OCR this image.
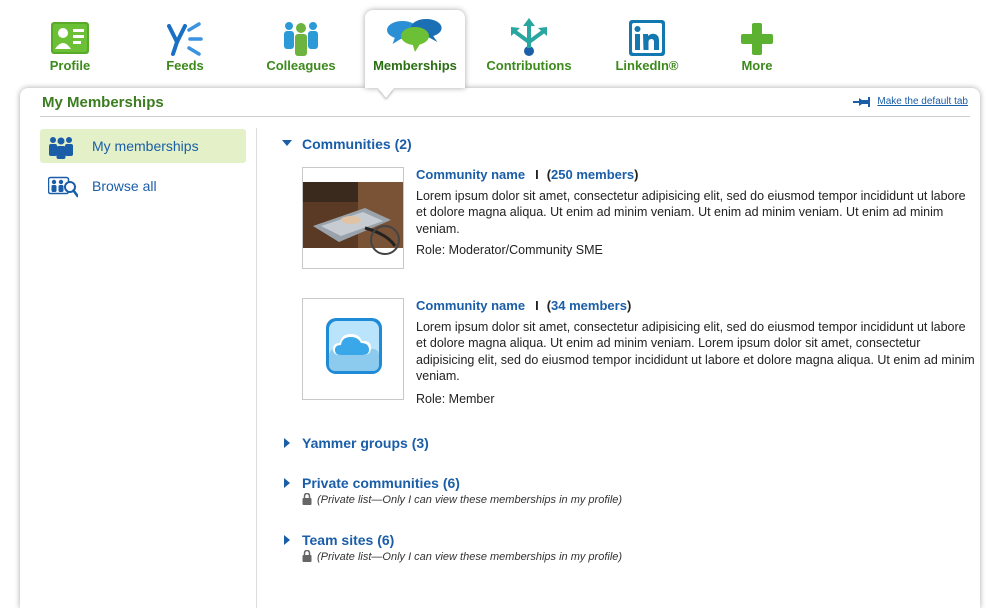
Profile	Feeds	Colleagues	Memberships	Contributions	LinkedIn®	More
My Memberships	Make the default tab
My memberships
Browse all
Communities (2)
Community name I (250 members)
Lorem ipsum dolor sit amet, consectetur adipisicing elit, sed do eiusmod tempor incididunt ut labore et dolore magna aliqua. Ut enim ad minim veniam. Ut enim ad minim veniam. Ut enim ad minim veniam.
Role: Moderator/Community SME
Community name I (34 members)
Lorem ipsum dolor sit amet, consectetur adipisicing elit, sed do eiusmod tempor incididunt ut labore et dolore magna aliqua. Ut enim ad minim veniam. Lorem ipsum dolor sit amet, consectetur adipisicing elit, sed do eiusmod tempor incididunt ut labore et dolore magna aliqua. Ut enim ad minim veniam.
Role: Member
Yammer groups (3)
Private communities (6)
(Private list—Only I can view these memberships in my profile)
Team sites (6)
(Private list—Only I can view these memberships in my profile)
